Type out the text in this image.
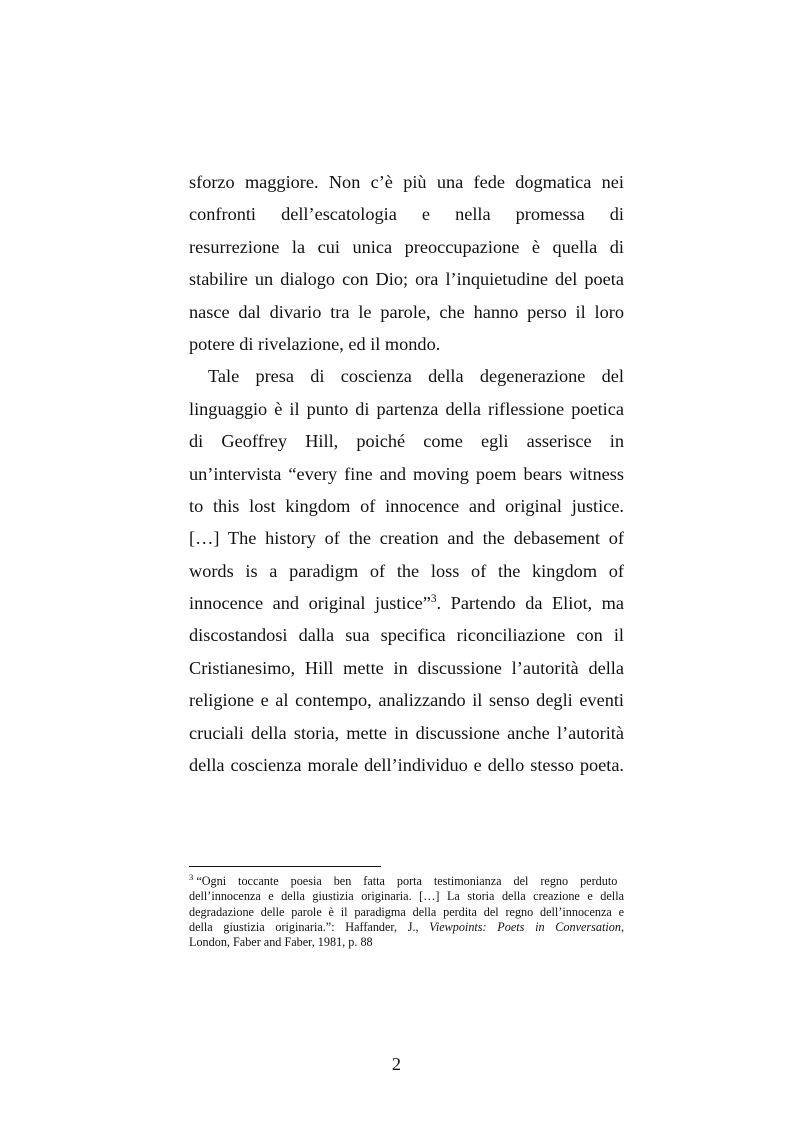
sforzo maggiore. Non c’è più una fede dogmatica nei
confronti dell’escatologia e nella promessa di
resurrezione la cui unica preoccupazione è quella di
stabilire un dialogo con Dio; ora l’inquietudine del poeta
nasce dal divario tra le parole, che hanno perso il loro
potere di rivelazione, ed il mondo.
Tale presa di coscienza della degenerazione del
linguaggio è il punto di partenza della riflessione poetica
di Geoffrey Hill, poiché come egli asserisce in
un’intervista “every fine and moving poem bears witness
to this lost kingdom of innocence and original justice.
[…] The history of the creation and the debasement of
words is a paradigm of the loss of the kingdom of
innocence and original justice”$^3$. Partendo da Eliot, ma
discostandosi dalla sua specifica riconciliazione con il
Cristianesimo, Hill mette in discussione l’autorità della
religione e al contempo, analizzando il senso degli eventi
cruciali della storia, mette in discussione anche l’autorità
della coscienza morale dell’individuo e dello stesso poeta.
$^3$ “Ogni toccante poesia ben fatta porta testimonianza del regno perduto
dell’innocenza e della giustizia originaria. […] La storia della creazione e della
degradazione delle parole è il paradigma della perdita del regno dell’innocenza e
della giustizia originaria.”: Haffander, J., Viewpoints: Poets in Conversation,
London, Faber and Faber, 1981, p. 88
2
